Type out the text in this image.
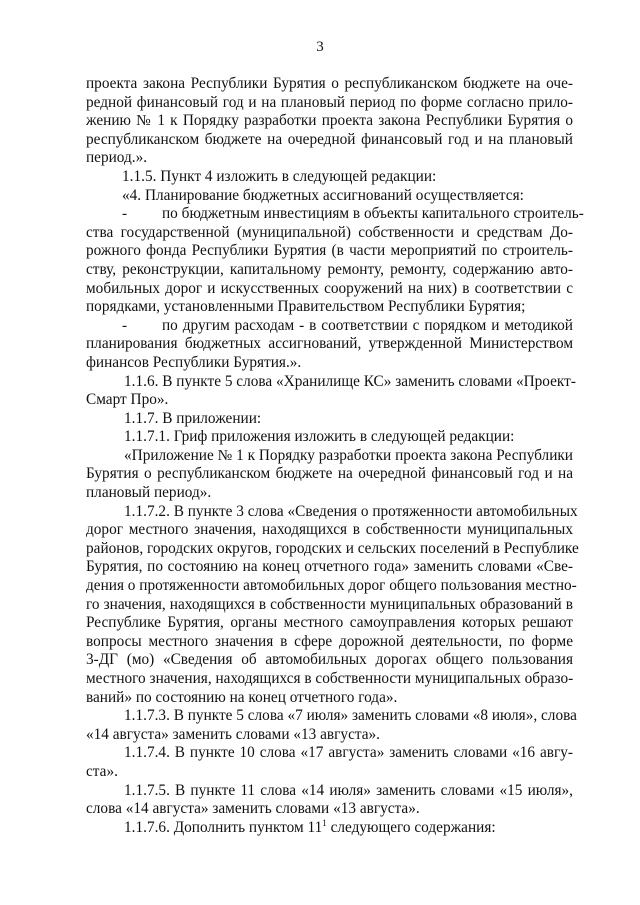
3
проекта закона Республики Бурятия о республиканском бюджете на оче-
редной финансовый год и на плановый период по форме согласно прило-
жению № 1 к Порядку разработки проекта закона Республики Бурятия о
республиканском бюджете на очередной финансовый год и на плановый
период.».
1.1.5. Пункт 4 изложить в следующей редакции:
«4. Планирование бюджетных ассигнований осуществляется:
- по бюджетным инвестициям в объекты капитального строитель-
ства государственной (муниципальной) собственности и средствам До-
рожного фонда Республики Бурятия (в части мероприятий по строитель-
ству, реконструкции, капитальному ремонту, ремонту, содержанию авто-
мобильных дорог и искусственных сооружений на них) в соответствии с
порядками, установленными Правительством Республики Бурятия;
- по другим расходам - в соответствии с порядком и методикой
планирования бюджетных ассигнований, утвержденной Министерством
финансов Республики Бурятия.».
1.1.6. В пункте 5 слова «Хранилище КС» заменить словами «Проект-
Смарт Про».
1.1.7. В приложении:
1.1.7.1. Гриф приложения изложить в следующей редакции:
«Приложение № 1 к Порядку разработки проекта закона Республики
Бурятия о республиканском бюджете на очередной финансовый год и на
плановый период».
1.1.7.2. В пункте 3 слова «Сведения о протяженности автомобильных
дорог местного значения, находящихся в собственности муниципальных
районов, городских округов, городских и сельских поселений в Республике
Бурятия, по состоянию на конец отчетного года» заменить словами «Све-
дения о протяженности автомобильных дорог общего пользования местно-
го значения, находящихся в собственности муниципальных образований в
Республике Бурятия, органы местного самоуправления которых решают
вопросы местного значения в сфере дорожной деятельности, по форме
3-ДГ (мо) «Сведения об автомобильных дорогах общего пользования
местного значения, находящихся в собственности муниципальных образо-
ваний» по состоянию на конец отчетного года».
1.1.7.3. В пункте 5 слова «7 июля» заменить словами «8 июля», слова
«14 августа» заменить словами «13 августа».
1.1.7.4. В пункте 10 слова «17 августа» заменить словами «16 авгу-
ста».
1.1.7.5. В пункте 11 слова «14 июля» заменить словами «15 июля»,
слова «14 августа» заменить словами «13 августа».
1.1.7.6. Дополнить пунктом $11^1$ следующего содержания:
